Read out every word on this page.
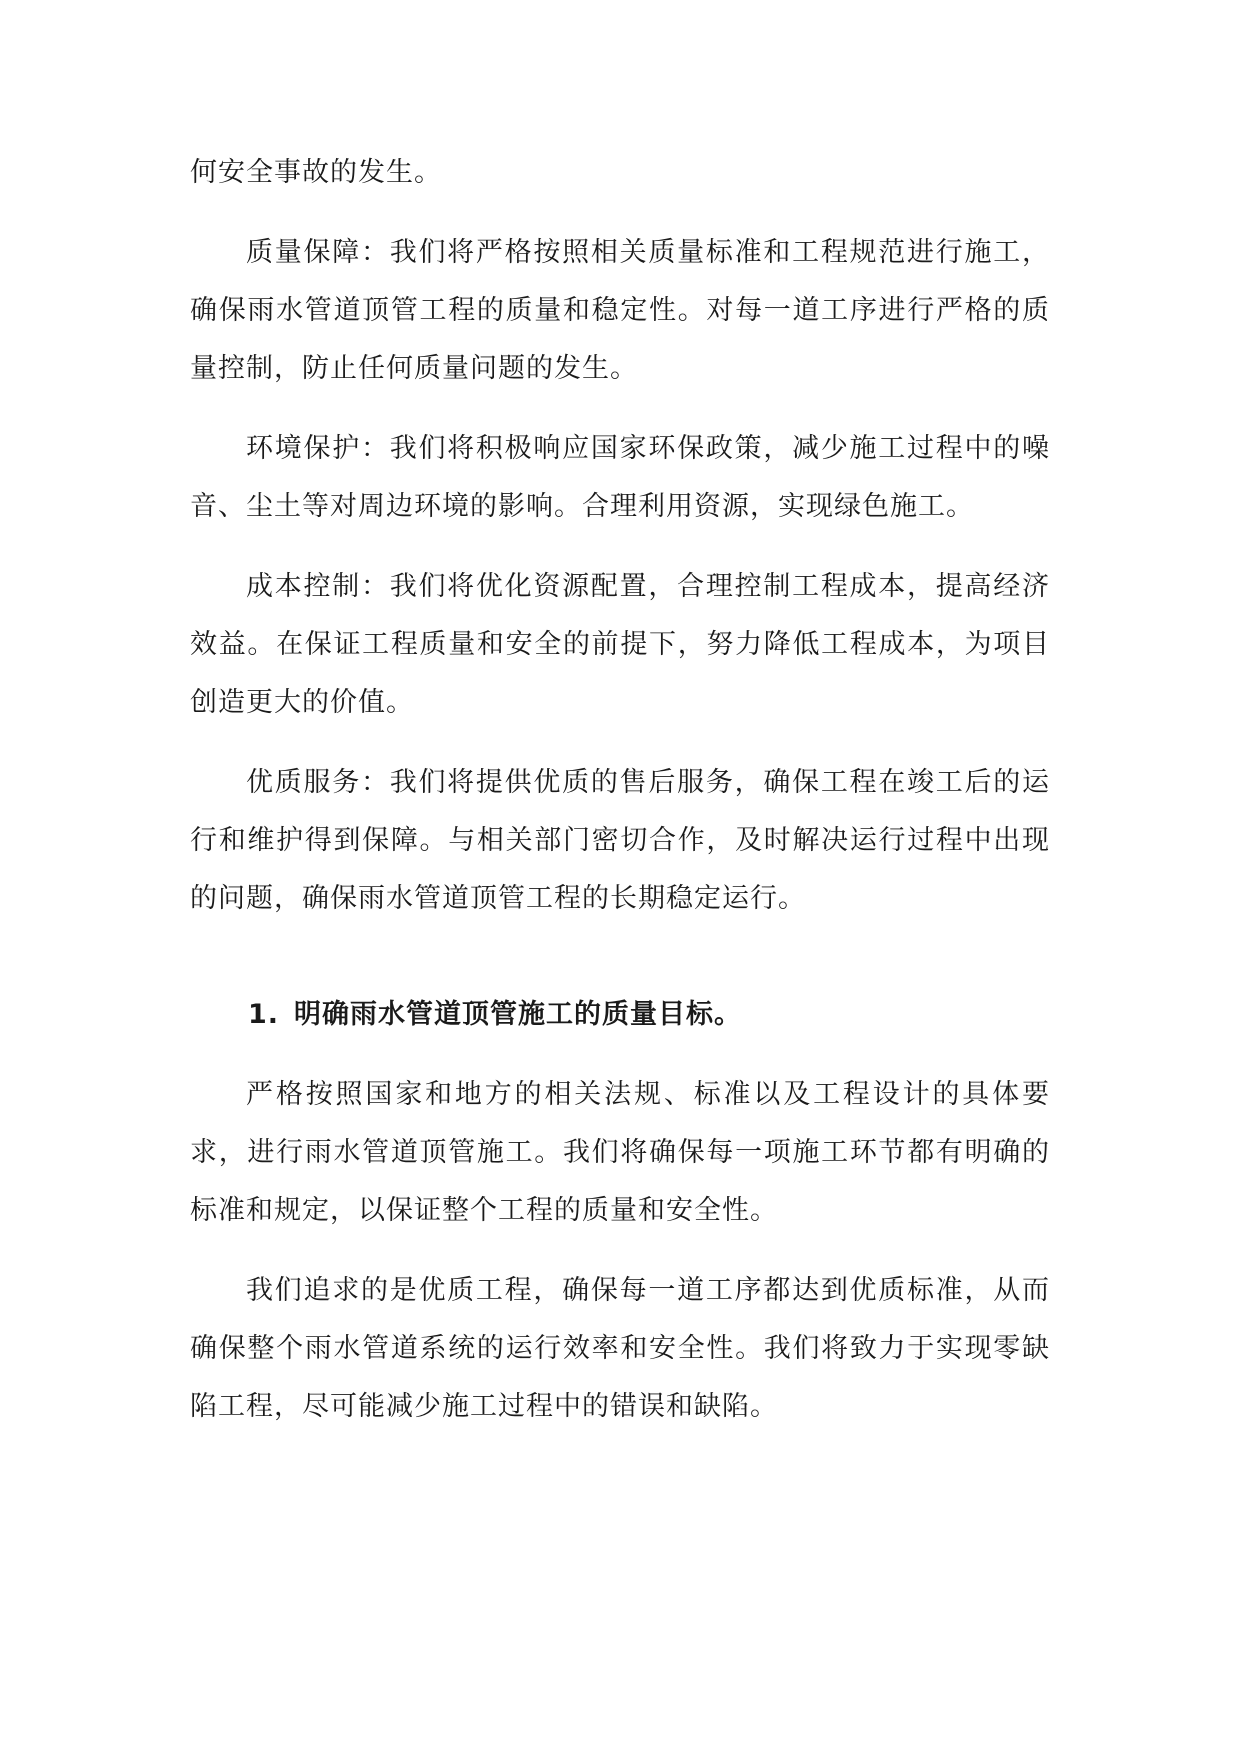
何安全事故的发生。

质量保障：我们将严格按照相关质量标准和工程规范进行施工，确保雨水管道顶管工程的质量和稳定性。对每一道工序进行严格的质量控制，防止任何质量问题的发生。

环境保护：我们将积极响应国家环保政策，减少施工过程中的噪音、尘土等对周边环境的影响。合理利用资源，实现绿色施工。

成本控制：我们将优化资源配置，合理控制工程成本，提高经济效益。在保证工程质量和安全的前提下，努力降低工程成本，为项目创造更大的价值。

优质服务：我们将提供优质的售后服务，确保工程在竣工后的运行和维护得到保障。与相关部门密切合作，及时解决运行过程中出现的问题，确保雨水管道顶管工程的长期稳定运行。

1. 明确雨水管道顶管施工的质量目标。

严格按照国家和地方的相关法规、标准以及工程设计的具体要求，进行雨水管道顶管施工。我们将确保每一项施工环节都有明确的标准和规定，以保证整个工程的质量和安全性。

我们追求的是优质工程，确保每一道工序都达到优质标准，从而确保整个雨水管道系统的运行效率和安全性。我们将致力于实现零缺陷工程，尽可能减少施工过程中的错误和缺陷。
